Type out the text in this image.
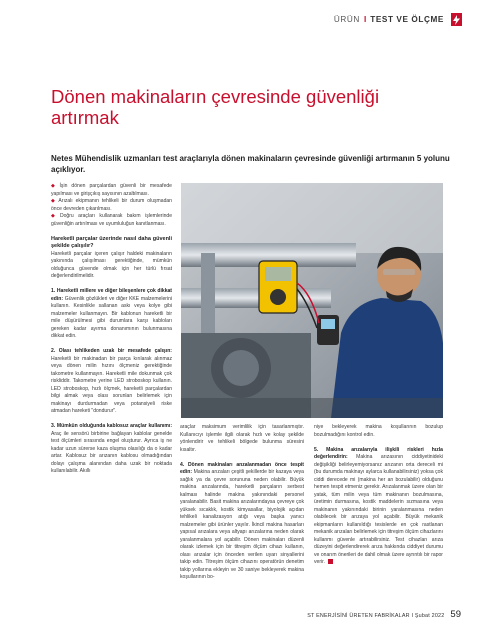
ÜRÜN I TEST VE ÖLÇME
Dönen makinaların çevresinde güvenliği artırmak

Netes Mühendislik uzmanları test araçlarıyla dönen makinaların çevresinde güvenliği artırmanın 5 yolunu açıklıyor.

◆ İşin dönen parçalardan güvenli bir mesafede yapılması ve girişçıkış sayısının azaltılması.
◆ Arızalı ekipmanın tehlikeli bir durum oluşmadan önce devreden çıkarılması.
◆ Doğru araçları kullanarak bakım işlemlerinde güvenliğin artırılması ve uyumluluğun kanıtlanması.

Hareketli parçalar üzerinde nasıl daha güvenli şekilde çalışılır?
Hareketli parçalar içeren çalışır haldeki makinaların yakınında çalışılması gerektiğinde, mümkün olduğunca güvende olmak için her türlü fırsat değerlendirilmelidir.

1. Hareketli millere ve diğer bileşenlere çok dikkat edin: Güvenlik gözlükleri ve diğer KKE malzemelerini kullanın. Kesinlikle sallanan askı veya kolye gibi malzemeler kullanmayın. Bir kablonun hareketli bir mile düşürülmesi gibi durumlara karşı kabloları gereken kadar ayırma donanımının bulunmasına dikkat edin.

2. Olası tehlikeden uzak bir mesafede çalışın: Hareketli bir makinadan bir parça kırılarak alınmaz veya dönen milin hızını ölçmeniz gerektiğinde takometre kullanmayın. Hareketli mile dokunmak çok riskliddir. Takometre yerine LED stroboskop kullanın. LED stroboskop, hızlı ölçmek, hareketli parçalardan bilgi almak veya olası sorunları belirlemek için makinayı durdurmadan veya potansiyeli riske atmadan hareketi "dondurur".

3. Mümkün olduğunda kablosuz araçlar kullanımı: Araç ile sensörü birbirine bağlayan kablolar genelde test ölçümleri sırasında engel oluşturur. Ayrıca iş ne kadar uzun sürerse kaza oluşma olasılığı da o kadar artar. Kablosuz bir arızanın kablosu olmadığından dolayı çalışma alanından daha uzak bir noktada kullanılabilir. Akıllı

araçlar maksimum verimlilik için tasarlanmıştır. Kullanıcıyı işlemle ilgili olarak hızlı ve kolay şekilde yönlendirir ve tehlikeli bölgede bulunma süresini kısaltır.

4. Dönen makinaları anzalanmadan önce tespit edin: Makina arızaları çeşitli şekillerde bir kazaya veya sağlık ya da çevre sorununa neden olabilir. Büyük makina arızalarında, hareketli parçaların serbest kalması halinde makina yakınındaki personel yaralanabilir. Basit makina arızalarındaysa çevreye çok yüksek sıcaklık, kostik kimyasallar, biyolojik açıdan tehlikeli kanalizasyon atığı veya başka yanıcı malzemeler gibi ürünler yayılır. İkincil makina hasarları yapısal arızalara veya altyapı arızalarına neden olarak yaralanmalara yol açabilir. Dönen makinaları düzenli olarak izlemek için bir titreşim ölçüm cihazı kullanın, olası arızalar için önceden verilen uyarı sinyallerini takip edin. Titreşim ölçüm cihazını operatörün denetim takip yollarına ekleyin ve 30 saniye bekleyerek makina koşullarının bo-

niye bekleyerek makina koşullarının bozulup bozulmadığını kontrol edin.

5. Makina arızalarıyla ilişkili riskleri hızla değerlendirin: Makina arızasının ciddiyetinideki değişikliği belirleyemiyorsanız arızanın orta dereceli mi (bu durumda makinayı aylarca kullanabilirsiniz) yoksa çok ciddi derecede mi (makina her an bozulabilir) olduğunu hemen tespit etmeniz gerekir. Arızalanmak üzere olan bir yatak, tüm milin veya tüm makinanın bozulmasına, üretimin durmasına, kostik maddelerin sızmasına veya makinanın yakınındaki birinin yaralanmasına neden olabilecek bir arızaya yol açabilir. Büyük mekanik ekipmanların kullanıldığı tesislerde en çok rastlanan mekanik arızaları belirlemek için titreşim ölçüm cihazlarını kullanmı güvenle artırabilirsiniz. Test cihazları arıza düzeyini değerlendirerek arıza hakkında ciddiyet durumu ve onarım önerileri de dahil olmak üzere ayrıntılı bir rapor verir.

ST ENERJİSİNİ ÜRETEN FABRİKALAR I Şubat 2022 59
